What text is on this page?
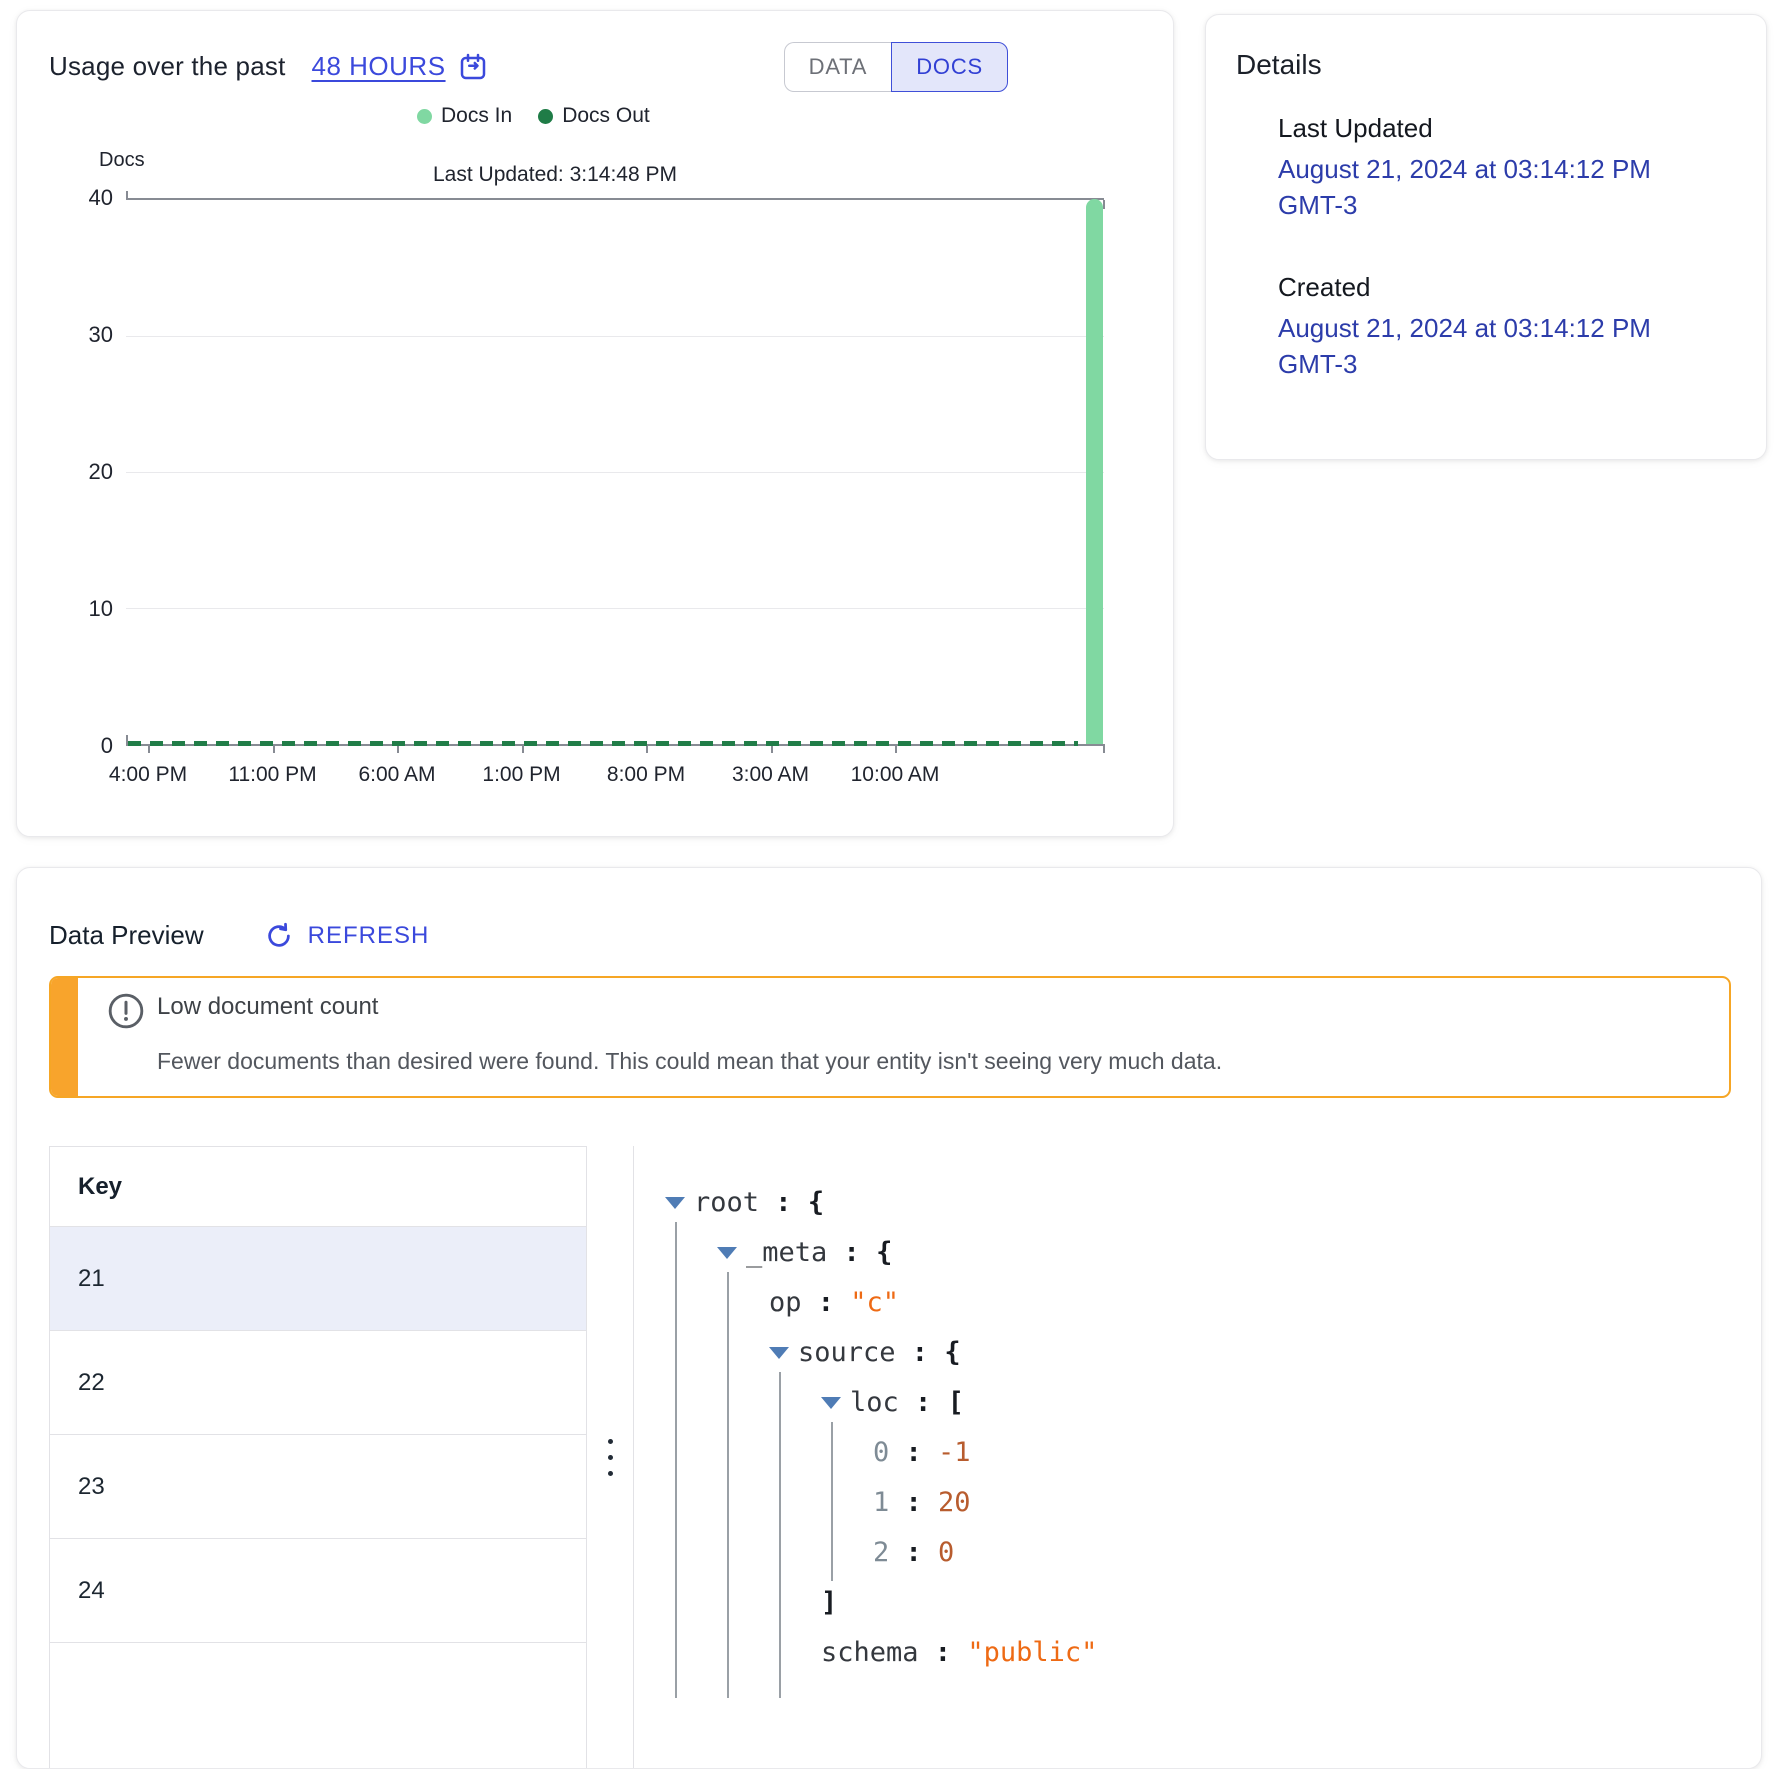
Usage over the past 48 HOURS	DATA	DOCS
Docs In Docs Out
Last Updated: 3:14:48 PM
Docs
40
30
20
10
0
4:00 PM 11:00 PM 6:00 AM 1:00 PM 8:00 PM 3:00 AM 10:00 AM
Details
Last Updated
August 21, 2024 at 03:14:12 PM GMT-3
Created
August 21, 2024 at 03:14:12 PM GMT-3
Data Preview	REFRESH
Low document count
Fewer documents than desired were found. This could mean that your entity isn't seeing very much data.
Key
21
22
23
24
root : {
_meta : {
op : "c"
source : {
loc : [
0 : -1
1 : 20
2 : 0
]
schema : "public"
